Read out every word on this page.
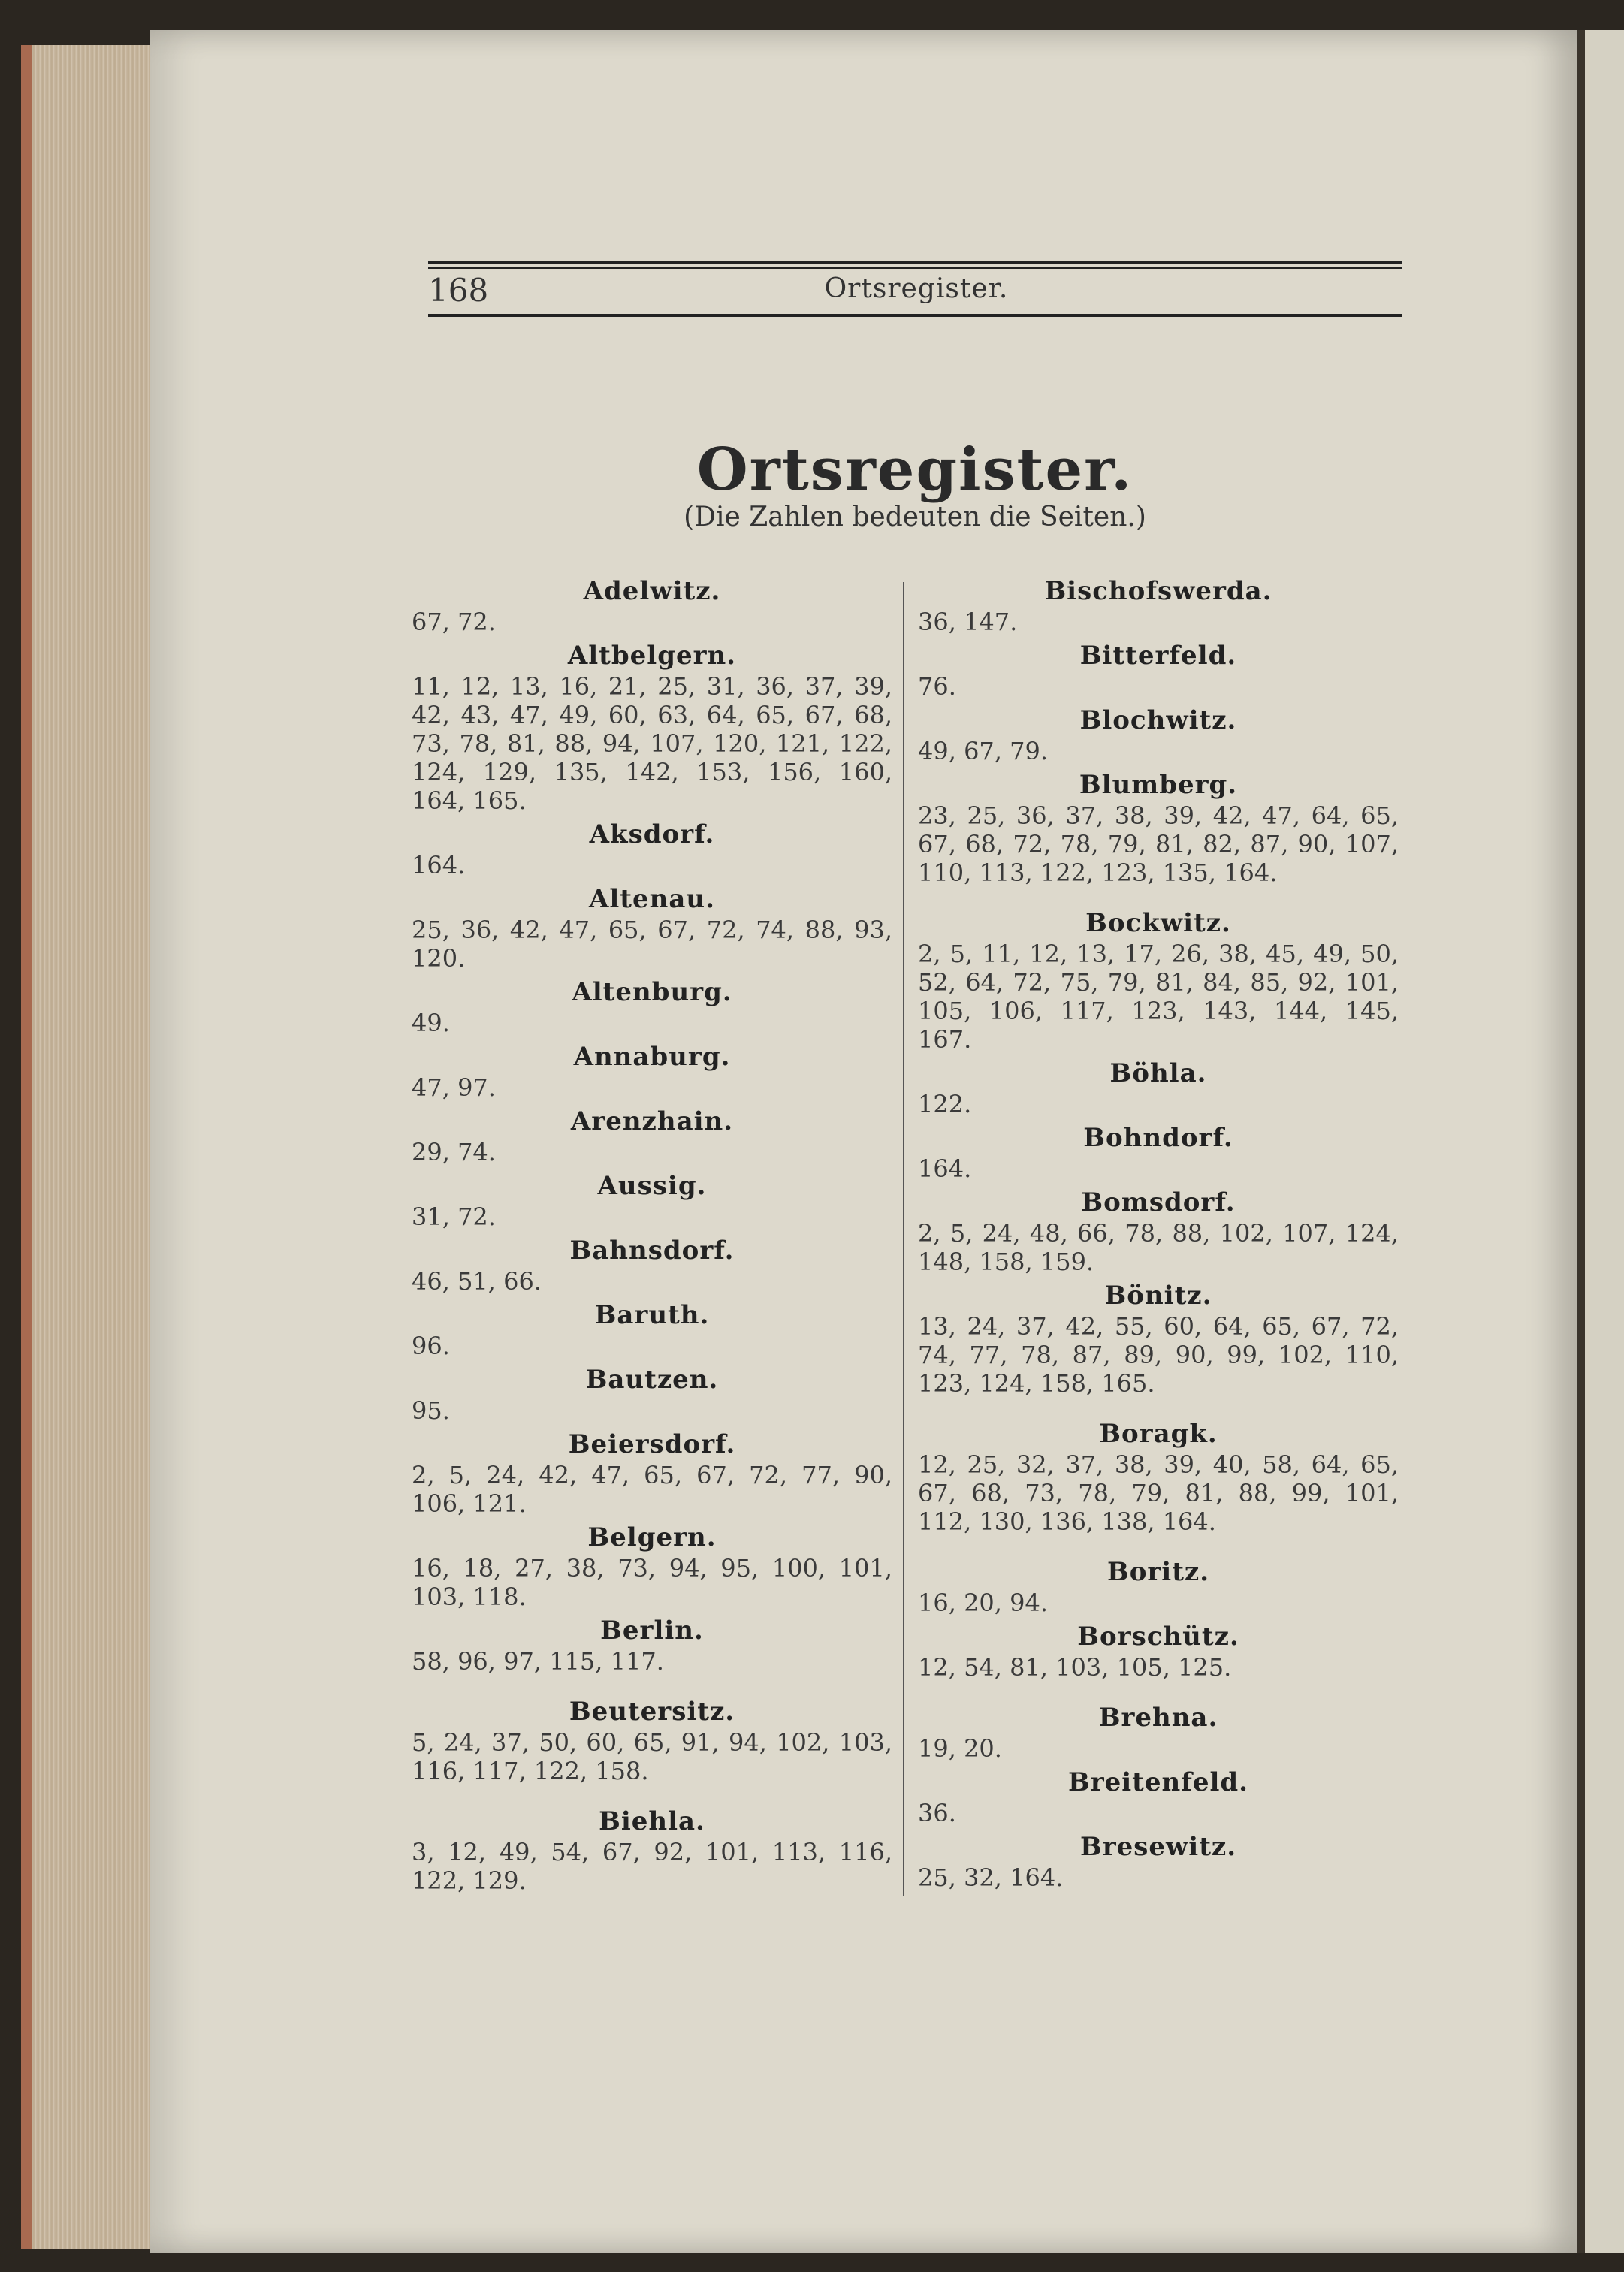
168	Ortsregister.
Ortsregister.
(Die Zahlen bedeuten die Seiten.)
Adelwitz.
67, 72.
Altbelgern.
11, 12, 13, 16, 21, 25, 31, 36, 37, 39, 42, 43, 47, 49, 60, 63, 64, 65, 67, 68, 73, 78, 81, 88, 94, 107, 120, 121, 122, 124, 129, 135, 142, 153, 156, 160, 164, 165.
Aksdorf.
164.
Altenau.
25, 36, 42, 47, 65, 67, 72, 74, 88, 93, 120.
Altenburg.
49.
Annaburg.
47, 97.
Arenzhain.
29, 74.
Aussig.
31, 72.
Bahnsdorf.
46, 51, 66.
Baruth.
96.
Bautzen.
95.
Beiersdorf.
2, 5, 24, 42, 47, 65, 67, 72, 77, 90, 106, 121.
Belgern.
16, 18, 27, 38, 73, 94, 95, 100, 101, 103, 118.
Berlin.
58, 96, 97, 115, 117.
Beutersitz.
5, 24, 37, 50, 60, 65, 91, 94, 102, 103, 116, 117, 122, 158.
Biehla.
3, 12, 49, 54, 67, 92, 101, 113, 116, 122, 129.
Bischofswerda.
36, 147.
Bitterfeld.
76.
Blochwitz.
49, 67, 79.
Blumberg.
23, 25, 36, 37, 38, 39, 42, 47, 64, 65, 67, 68, 72, 78, 79, 81, 82, 87, 90, 107, 110, 113, 122, 123, 135, 164.
Bockwitz.
2, 5, 11, 12, 13, 17, 26, 38, 45, 49, 50, 52, 64, 72, 75, 79, 81, 84, 85, 92, 101, 105, 106, 117, 123, 143, 144, 145, 167.
Böhla.
122.
Bohndorf.
164.
Bomsdorf.
2, 5, 24, 48, 66, 78, 88, 102, 107, 124, 148, 158, 159.
Bönitz.
13, 24, 37, 42, 55, 60, 64, 65, 67, 72, 74, 77, 78, 87, 89, 90, 99, 102, 110, 123, 124, 158, 165.
Boragk.
12, 25, 32, 37, 38, 39, 40, 58, 64, 65, 67, 68, 73, 78, 79, 81, 88, 99, 101, 112, 130, 136, 138, 164.
Boritz.
16, 20, 94.
Borschütz.
12, 54, 81, 103, 105, 125.
Brehna.
19, 20.
Breitenfeld.
36.
Bresewitz.
25, 32, 164.
